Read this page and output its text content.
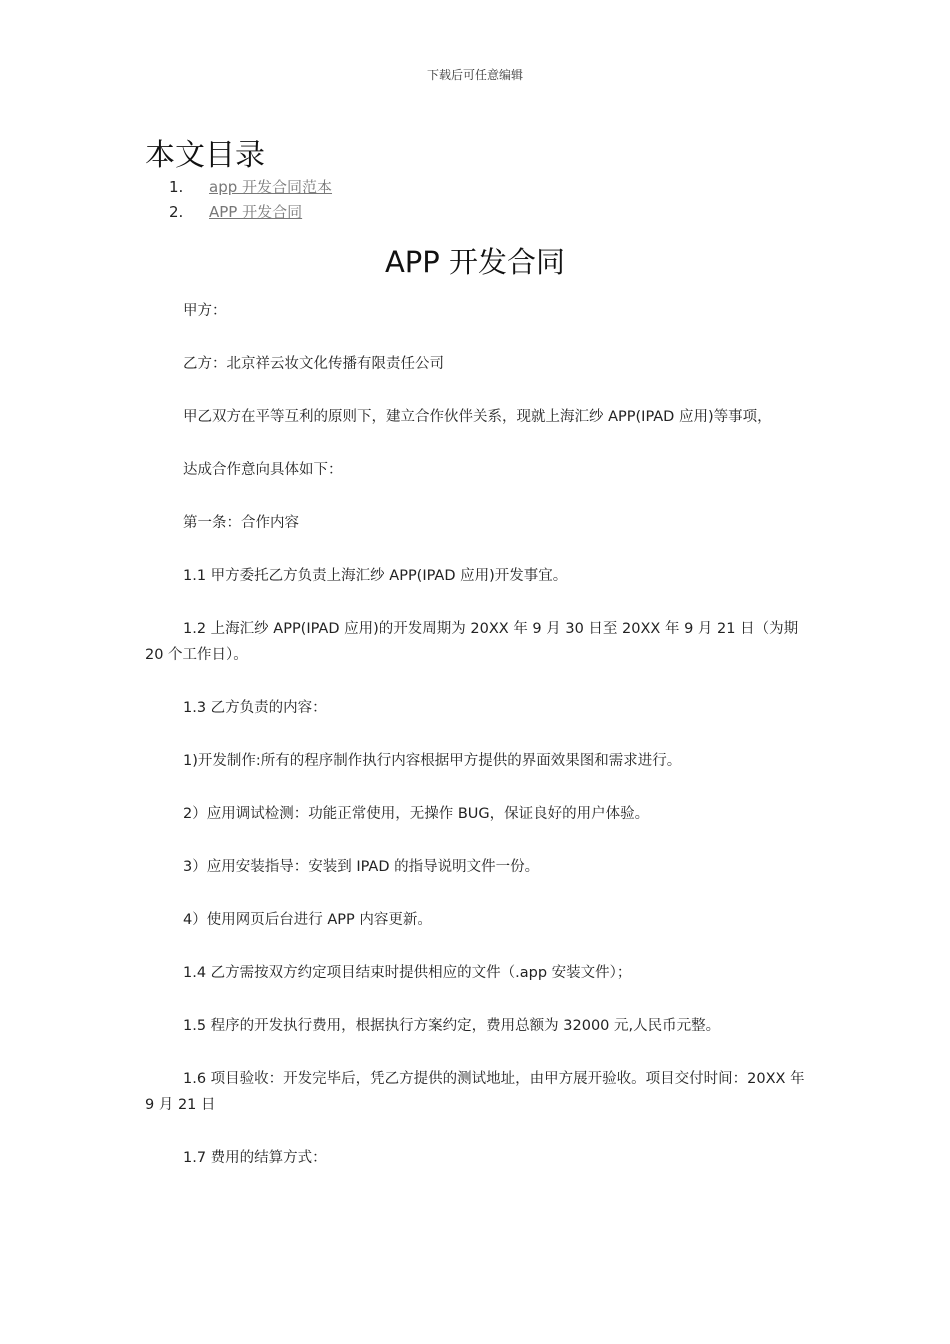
下载后可任意编辑
本文目录
1.	app 开发合同范本
2.	APP 开发合同
APP 开发合同

甲方：

乙方：北京祥云妆文化传播有限责任公司

甲乙双方在平等互利的原则下，建立合作伙伴关系，现就上海汇纱 APP(IPAD 应用)等事项，

达成合作意向具体如下：

第一条：合作内容

1.1 甲方委托乙方负责上海汇纱 APP(IPAD 应用)开发事宜。

1.2 上海汇纱 APP(IPAD 应用)的开发周期为 20XX 年 9 月 30 日至 20XX 年 9 月 21 日（为期 20 个工作日）。

1.3 乙方负责的内容：

1)开发制作:所有的程序制作执行内容根据甲方提供的界面效果图和需求进行。

2）应用调试检测：功能正常使用，无操作 BUG，保证良好的用户体验。

3）应用安装指导：安装到 IPAD 的指导说明文件一份。

4）使用网页后台进行 APP 内容更新。

1.4 乙方需按双方约定项目结束时提供相应的文件（.app 安装文件）；

1.5 程序的开发执行费用，根据执行方案约定，费用总额为 32000 元,人民币元整。

1.6 项目验收：开发完毕后，凭乙方提供的测试地址，由甲方展开验收。项目交付时间：20XX 年 9 月 21 日

1.7 费用的结算方式：
